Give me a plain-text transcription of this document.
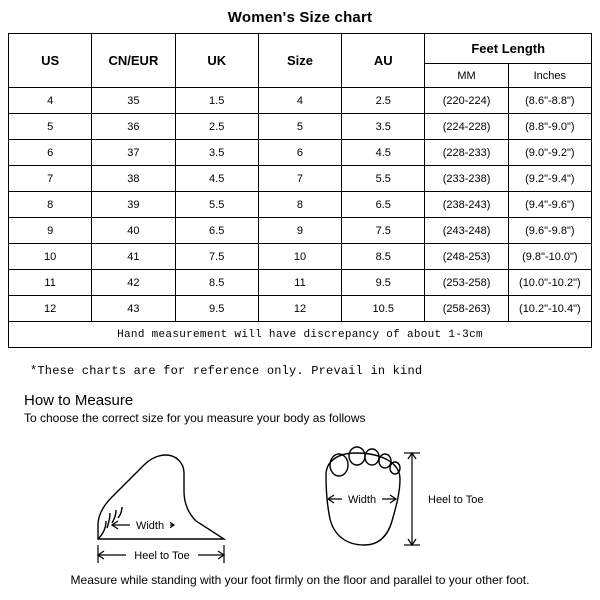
Women's Size chart
US	CN/EUR	UK	Size	AU	Feet Length	
					MM	Inches
4	35	1.5	4	2.5	(220-224)	(8.6"-8.8")
5	36	2.5	5	3.5	(224-228)	(8.8"-9.0")
6	37	3.5	6	4.5	(228-233)	(9.0"-9.2")
7	38	4.5	7	5.5	(233-238)	(9.2"-9.4")
8	39	5.5	8	6.5	(238-243)	(9.4"-9.6")
9	40	6.5	9	7.5	(243-248)	(9.6"-9.8")
10	41	7.5	10	8.5	(248-253)	(9.8"-10.0")
11	42	8.5	11	9.5	(253-258)	(10.0"-10.2")
12	43	9.5	12	10.5	(258-263)	(10.2"-10.4")
Hand measurement will have discrepancy of about 1-3cm						
*These charts are for reference only. Prevail in kind
How to Measure
To choose the correct size for you measure your body as follows
Width
Heel to Toe
Width	Heel to Toe
Measure while standing with your foot firmly on the floor and parallel to your other foot.
